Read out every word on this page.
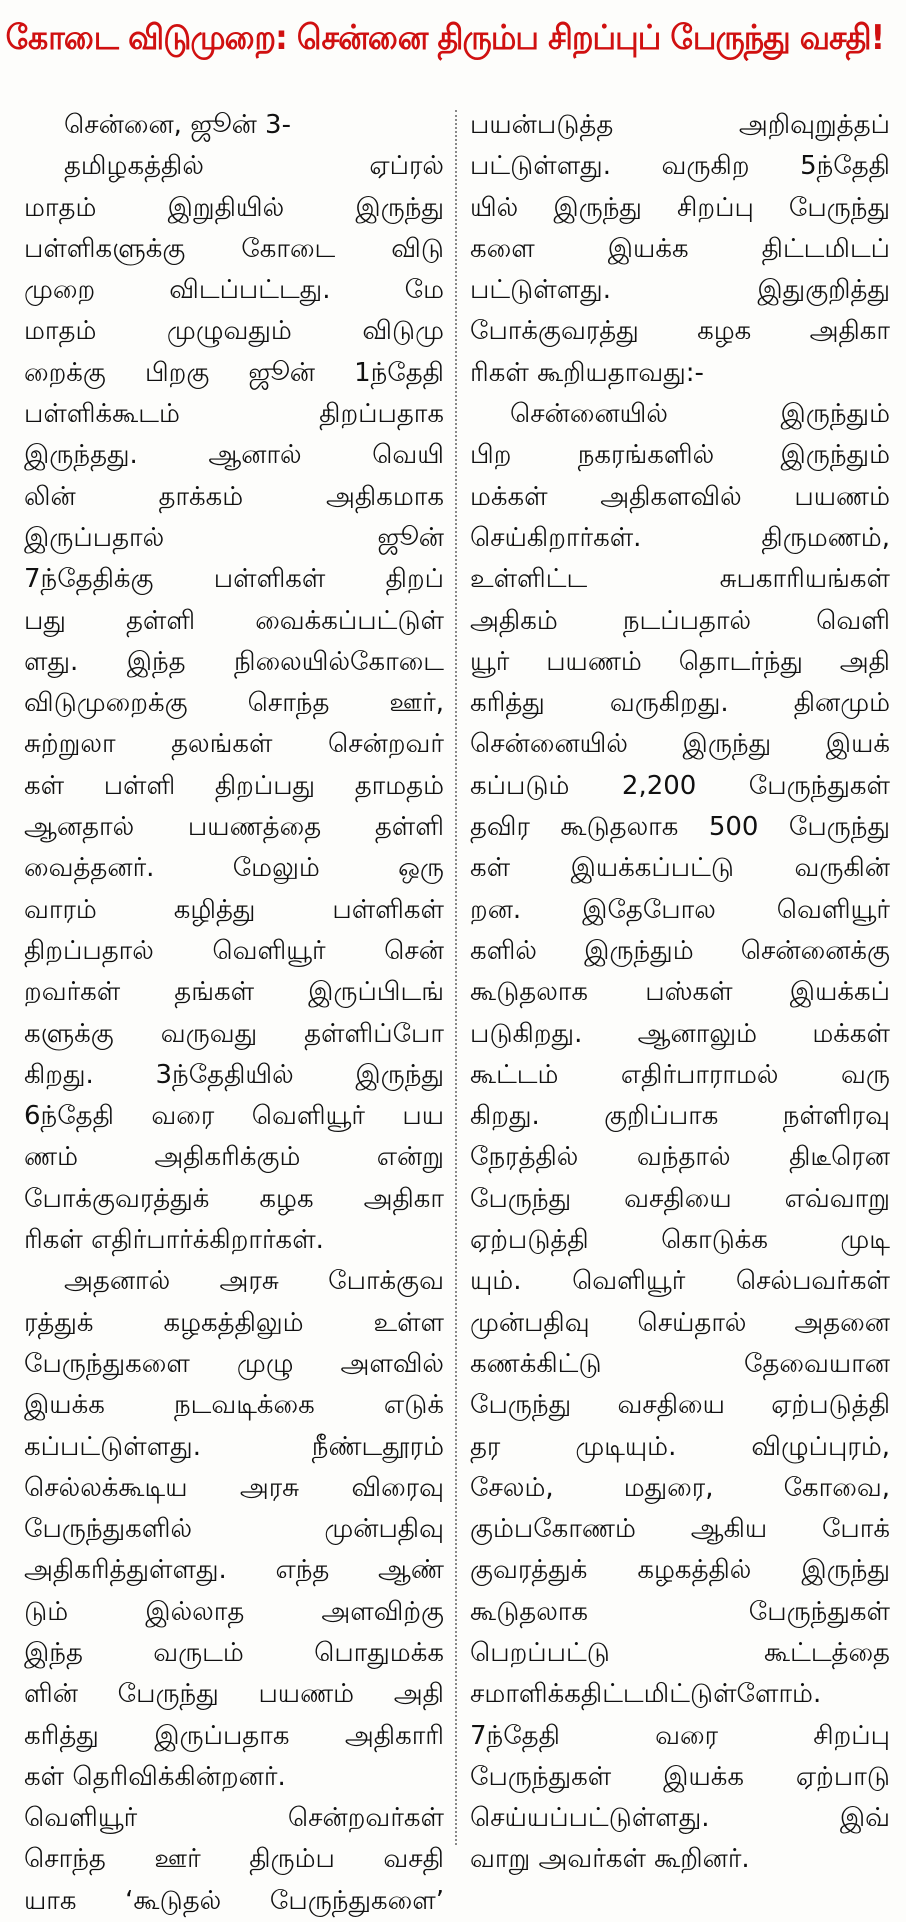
கோடை விடுமுறை: சென்னை திரும்ப சிறப்புப் பேருந்து வசதி!
சென்னை, ஜூன் 3-
தமிழகத்தில் ஏப்ரல்
மாதம் இறுதியில் இருந்து
பள்ளிகளுக்கு கோடை விடு
முறை விடப்பட்டது. மே
மாதம் முழுவதும் விடுமு
றைக்கு பிறகு ஜூன் 1ந்தேதி
பள்ளிக்கூடம் திறப்பதாக
இருந்தது. ஆனால் வெயி
லின் தாக்கம் அதிகமாக
இருப்பதால் ஜூன்
7ந்தேதிக்கு பள்ளிகள் திறப்
பது தள்ளி வைக்கப்பட்டுள்
ளது. இந்த நிலையில்கோடை
விடுமுறைக்கு சொந்த ஊர்,
சுற்றுலா தலங்கள் சென்றவர்
கள் பள்ளி திறப்பது தாமதம்
ஆனதால் பயணத்தை தள்ளி
வைத்தனர். மேலும் ஒரு
வாரம் கழித்து பள்ளிகள்
திறப்பதால் வெளியூர் சென்
றவர்கள் தங்கள் இருப்பிடங்
களுக்கு வருவது தள்ளிப்போ
கிறது. 3ந்தேதியில் இருந்து
6ந்தேதி வரை வெளியூர் பய
ணம் அதிகரிக்கும் என்று
போக்குவரத்துக் கழக அதிகா
ரிகள் எதிர்பார்க்கிறார்கள்.
அதனால் அரசு போக்குவ
ரத்துக் கழகத்திலும் உள்ள
பேருந்துகளை முழு அளவில்
இயக்க நடவடிக்கை எடுக்
கப்பட்டுள்ளது. நீண்டதூரம்
செல்லக்கூடிய அரசு விரைவு
பேருந்துகளில் முன்பதிவு
அதிகரித்துள்ளது. எந்த ஆண்
டும் இல்லாத அளவிற்கு
இந்த வருடம் பொதுமக்க
ளின் பேருந்து பயணம் அதி
கரித்து இருப்பதாக அதிகாரி
கள் தெரிவிக்கின்றனர்.
வெளியூர் சென்றவர்கள்
சொந்த ஊர் திரும்ப வசதி
யாக ‘கூடுதல் பேருந்துகளை’
பயன்படுத்த அறிவுறுத்தப்
பட்டுள்ளது. வருகிற 5ந்தேதி
யில் இருந்து சிறப்பு பேருந்து
களை இயக்க திட்டமிடப்
பட்டுள்ளது. இதுகுறித்து
போக்குவரத்து கழக அதிகா
ரிகள் கூறியதாவது:-
சென்னையில் இருந்தும்
பிற நகரங்களில் இருந்தும்
மக்கள் அதிகளவில் பயணம்
செய்கிறார்கள். திருமணம்,
உள்ளிட்ட சுபகாரியங்கள்
அதிகம் நடப்பதால் வெளி
யூர் பயணம் தொடர்ந்து அதி
கரித்து வருகிறது. தினமும்
சென்னையில் இருந்து இயக்
கப்படும் 2,200 பேருந்துகள்
தவிர கூடுதலாக 500 பேருந்து
கள் இயக்கப்பட்டு வருகின்
றன. இதேபோல வெளியூர்
களில் இருந்தும் சென்னைக்கு
கூடுதலாக பஸ்கள் இயக்கப்
படுகிறது. ஆனாலும் மக்கள்
கூட்டம் எதிர்பாராமல் வரு
கிறது. குறிப்பாக நள்ளிரவு
நேரத்தில் வந்தால் திடீரென
பேருந்து வசதியை எவ்வாறு
ஏற்படுத்தி கொடுக்க முடி
யும். வெளியூர் செல்பவர்கள்
முன்பதிவு செய்தால் அதனை
கணக்கிட்டு தேவையான
பேருந்து வசதியை ஏற்படுத்தி
தர முடியும். விழுப்புரம்,
சேலம், மதுரை, கோவை,
கும்பகோணம் ஆகிய போக்
குவரத்துக் கழகத்தில் இருந்து
கூடுதலாக பேருந்துகள்
பெறப்பட்டு கூட்டத்தை
சமாளிக்கதிட்டமிட்டுள்ளோம்.
7ந்தேதி வரை சிறப்பு
பேருந்துகள் இயக்க ஏற்பாடு
செய்யப்பட்டுள்ளது. இவ்
வாறு அவர்கள் கூறினர்.
